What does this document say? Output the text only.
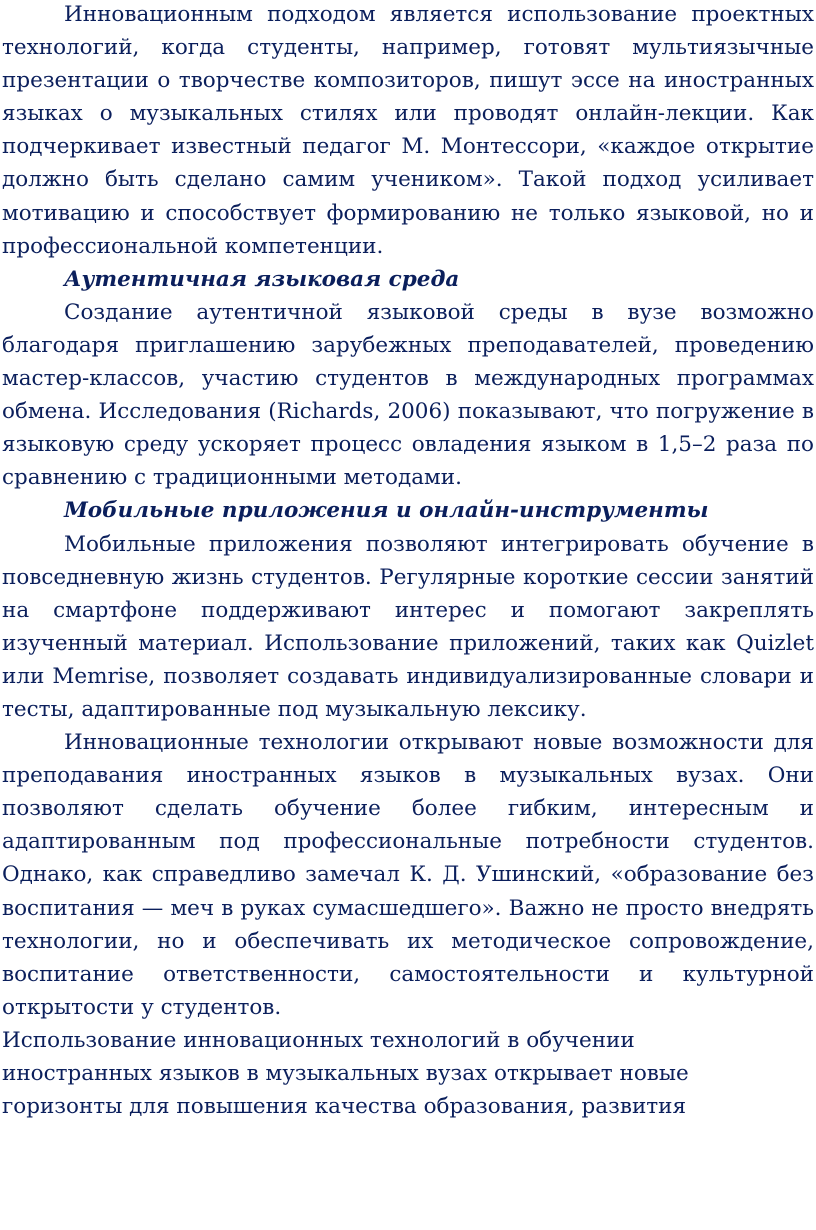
Инновационным подходом является использование проектных технологий, когда студенты, например, готовят мультиязычные презентации о творчестве композиторов, пишут эссе на иностранных языках о музыкальных стилях или проводят онлайн-лекции. Как подчеркивает известный педагог М. Монтессори, «каждое открытие должно быть сделано самим учеником». Такой подход усиливает мотивацию и способствует формированию не только языковой, но и профессиональной компетенции.

Аутентичная языковая среда

Создание аутентичной языковой среды в вузе возможно благодаря приглашению зарубежных преподавателей, проведению мастер-классов, участию студентов в международных программах обмена. Исследования (Richards, 2006) показывают, что погружение в языковую среду ускоряет процесс овладения языком в 1,5–2 раза по сравнению с традиционными методами.

Мобильные приложения и онлайн-инструменты

Мобильные приложения позволяют интегрировать обучение в повседневную жизнь студентов. Регулярные короткие сессии занятий на смартфоне поддерживают интерес и помогают закреплять изученный материал. Использование приложений, таких как Quizlet или Memrise, позволяет создавать индивидуализированные словари и тесты, адаптированные под музыкальную лексику.

Инновационные технологии открывают новые возможности для преподавания иностранных языков в музыкальных вузах. Они позволяют сделать обучение более гибким, интересным и адаптированным под профессиональные потребности студентов. Однако, как справедливо замечал К. Д. Ушинский, «образование без воспитания — меч в руках сумасшедшего». Важно не просто внедрять технологии, но и обеспечивать их методическое сопровождение, воспитание ответственности, самостоятельности и культурной открытости у студентов.

Использование инновационных технологий в обучении
иностранных языков в музыкальных вузах открывает новые
горизонты для повышения качества образования, развития
